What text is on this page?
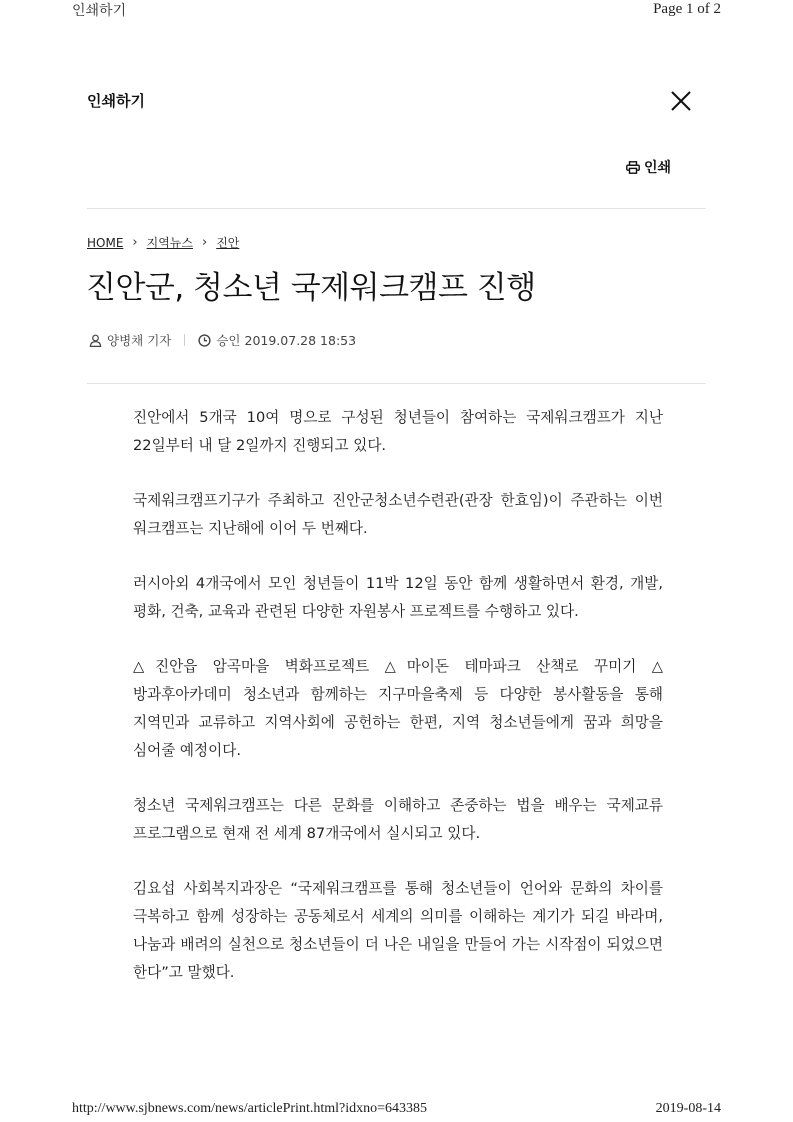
인쇄하기	Page 1 of 2
인쇄하기
인쇄
HOME › 지역뉴스 › 진안
진안군, 청소년 국제워크캠프 진행
양병채 기자	승인
2019.07.28 18:53

진안에서 5개국 10여 명으로 구성된 청년들이 참여하는 국제워크캠프가 지난 22일부터 내 달 2일까지 진행되고 있다.

국제워크캠프기구가 주최하고 진안군청소년수련관(관장 한효임)이 주관하는 이번 워크캠프는 지난해에 이어 두 번째다.

러시아외 4개국에서 모인 청년들이 11박 12일 동안 함께 생활하면서 환경, 개발, 평화, 건축, 교육과 관련된 다양한 자원봉사 프로젝트를 수행하고 있다.

△진안읍 암곡마을 벽화프로젝트 △마이돈 테마파크 산책로 꾸미기 △방과후아카데미 청소년과 함께하는 지구마을축제 등 다양한 봉사활동을 통해 지역민과 교류하고 지역사회에 공헌하는 한편, 지역 청소년들에게 꿈과 희망을 심어줄 예정이다.

청소년 국제워크캠프는 다른 문화를 이해하고 존중하는 법을 배우는 국제교류 프로그램으로 현재 전 세계 87개국에서 실시되고 있다.

김요섭 사회복지과장은 “국제워크캠프를 통해 청소년들이 언어와 문화의 차이를 극복하고 함께 성장하는 공동체로서 세계의 의미를 이해하는 계기가 되길 바라며, 나눔과 배려의 실천으로 청소년들이 더 나은 내일을 만들어 가는 시작점이 되었으면 한다”고 말했다.

http://www.sjbnews.com/news/articlePrint.html?idxno=643385	2019-08-14
